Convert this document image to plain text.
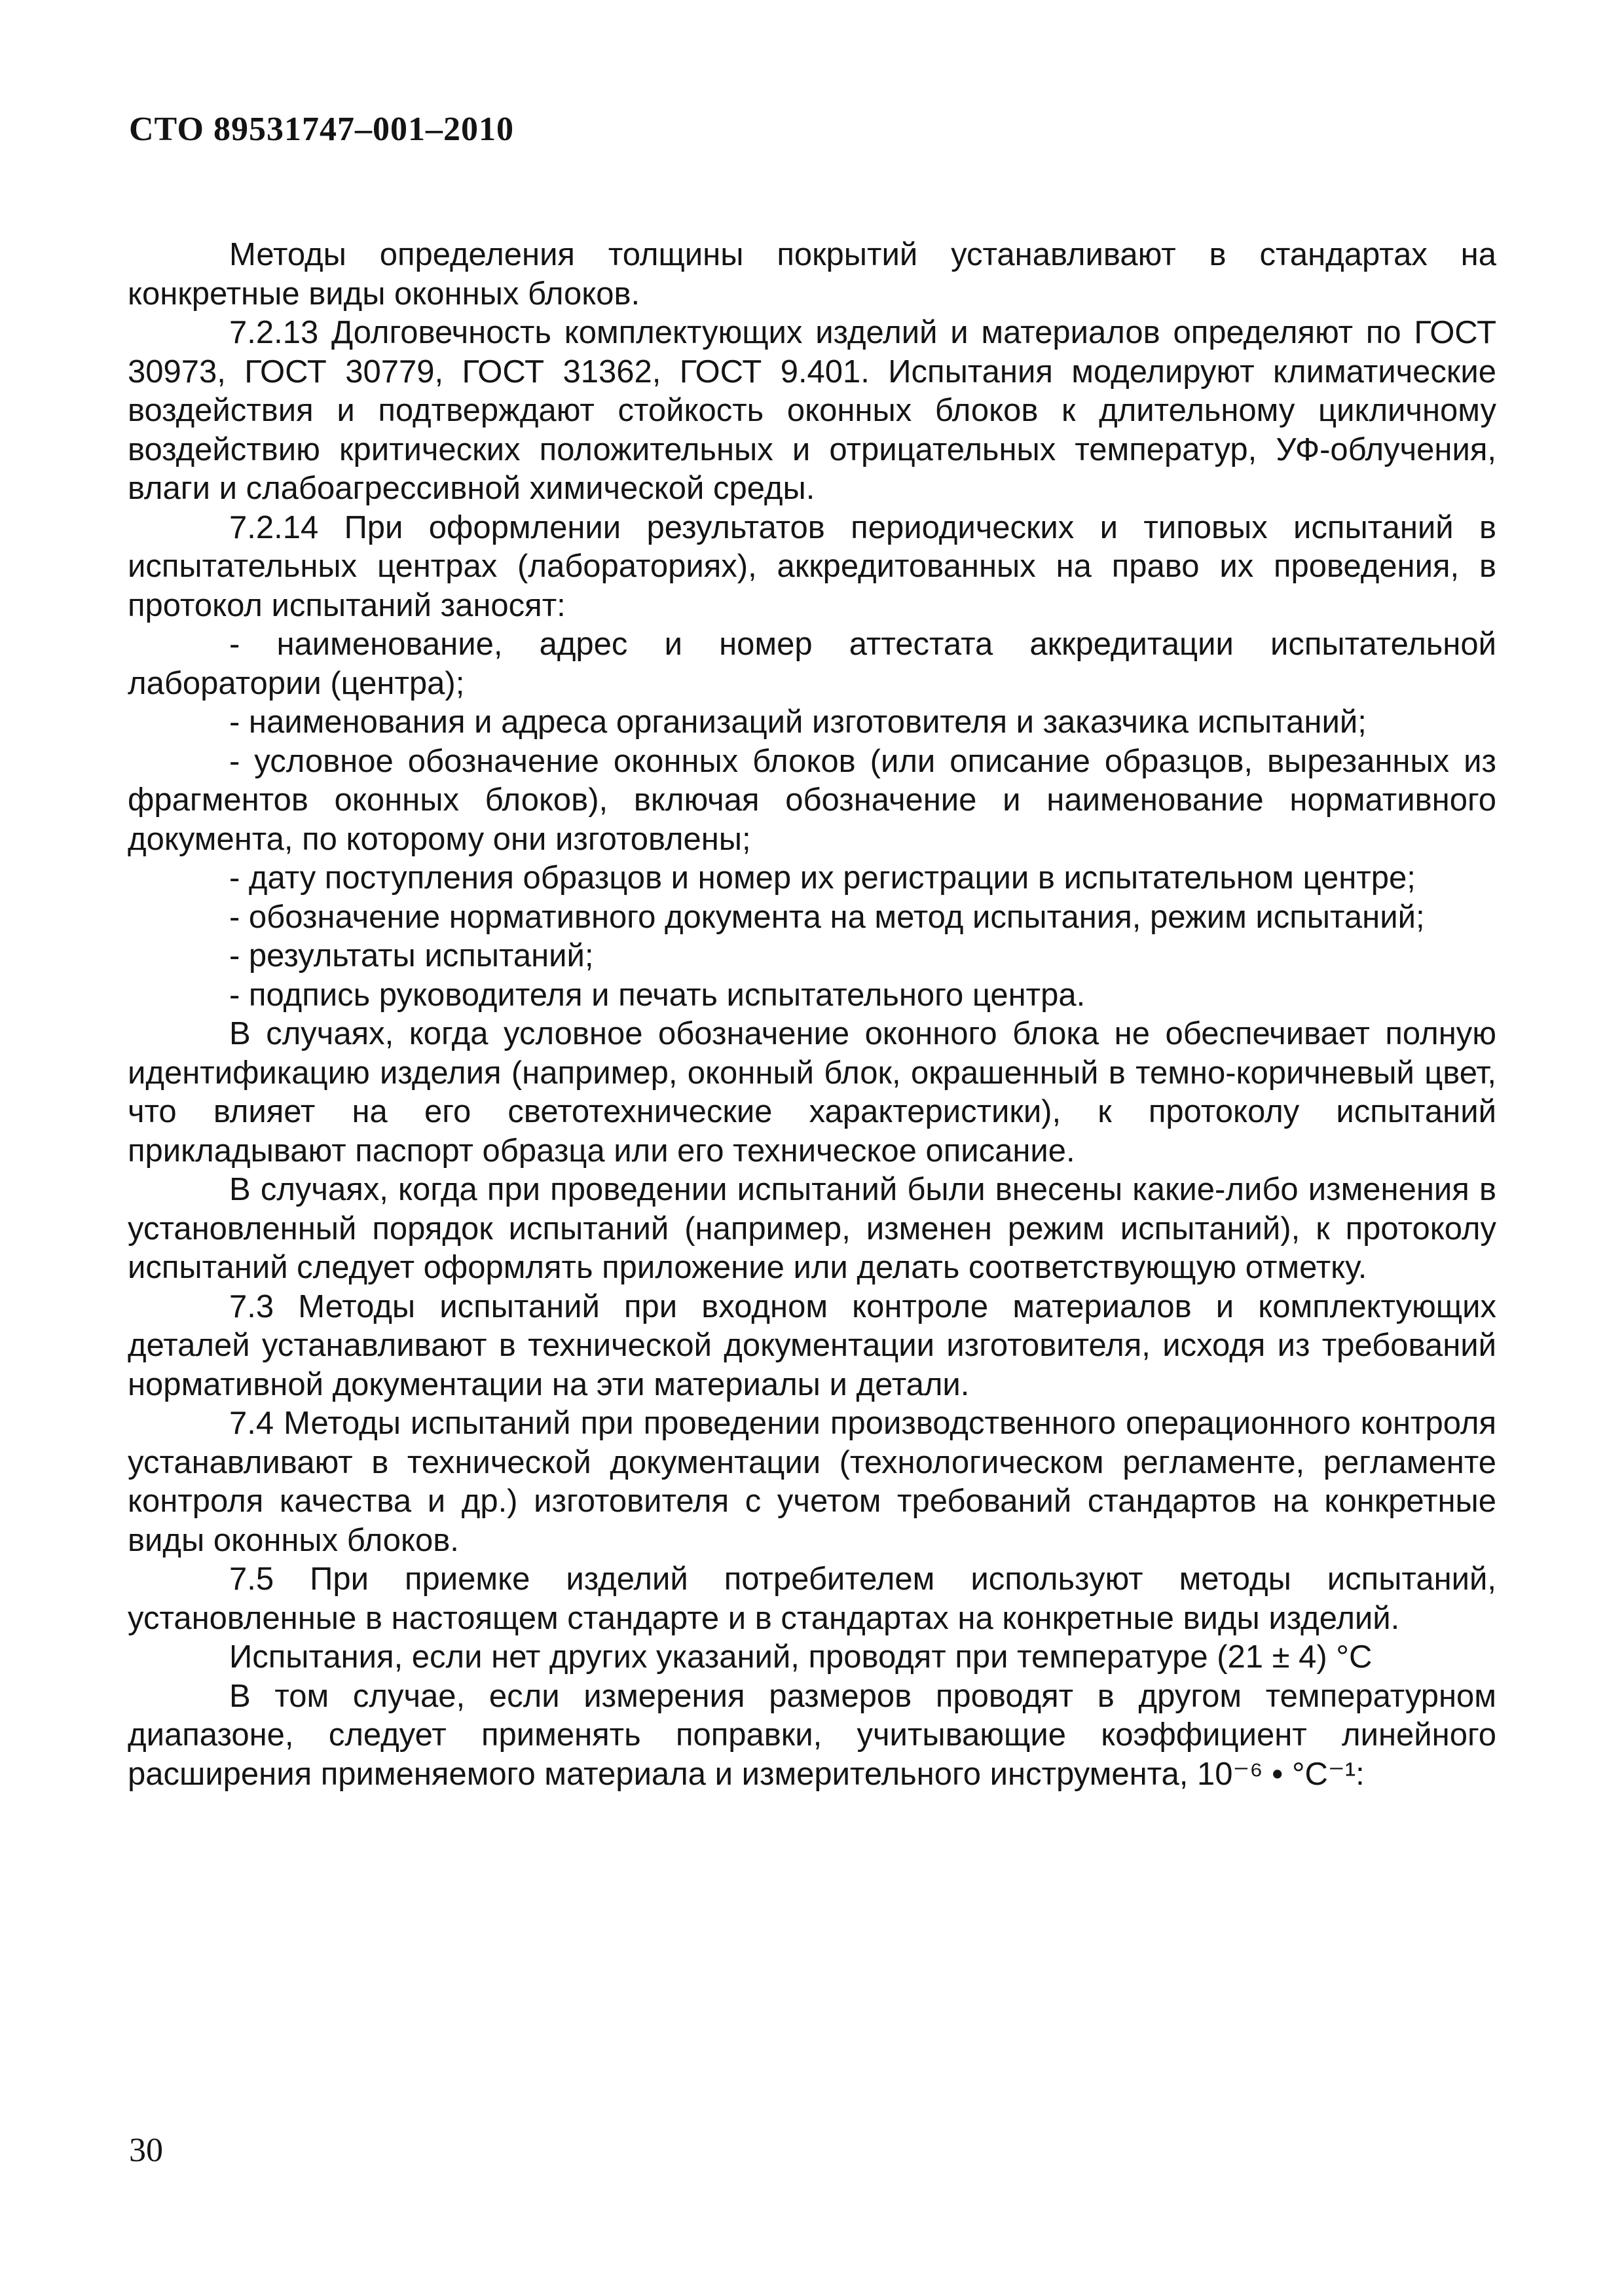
СТО 89531747–001–2010

Методы определения толщины покрытий устанавливают в стандартах на конкретные виды оконных блоков.

7.2.13 Долговечность комплектующих изделий и материалов определяют по ГОСТ 30973, ГОСТ 30779, ГОСТ 31362, ГОСТ 9.401. Испытания моделируют климатические воздействия и подтверждают стойкость оконных блоков к длительному цикличному воздействию критических положительных и отрицательных температур, УФ-облучения, влаги и слабоагрессивной химической среды.

7.2.14 При оформлении результатов периодических и типовых испытаний в испытательных центрах (лабораториях), аккредитованных на право их проведения, в протокол испытаний заносят:

- наименование, адрес и номер аттестата аккредитации испытательной лаборатории (центра);

- наименования и адреса организаций изготовителя и заказчика испытаний;

- условное обозначение оконных блоков (или описание образцов, вырезанных из фрагментов оконных блоков), включая обозначение и наименование нормативного документа, по которому они изготовлены;

- дату поступления образцов и номер их регистрации в испытательном центре;

- обозначение нормативного документа на метод испытания, режим испытаний;

- результаты испытаний;

- подпись руководителя и печать испытательного центра.

В случаях, когда условное обозначение оконного блока не обеспечивает полную идентификацию изделия (например, оконный блок, окрашенный в темно-коричневый цвет, что влияет на его светотехнические характеристики), к протоколу испытаний прикладывают паспорт образца или его техническое описание.

В случаях, когда при проведении испытаний были внесены какие-либо изменения в установленный порядок испытаний (например, изменен режим испытаний), к протоколу испытаний следует оформлять приложение или делать соответствующую отметку.

7.3 Методы испытаний при входном контроле материалов и комплектующих деталей устанавливают в технической документации изготовителя, исходя из требований нормативной документации на эти материалы и детали.

7.4 Методы испытаний при проведении производственного операционного контроля устанавливают в технической документации (технологическом регламенте, регламенте контроля качества и др.) изготовителя с учетом требований стандартов на конкретные виды оконных блоков.

7.5 При приемке изделий потребителем используют методы испытаний, установленные в настоящем стандарте и в стандартах на конкретные виды изделий.

Испытания, если нет других указаний, проводят при температуре (21 ± 4) °С

В том случае, если измерения размеров проводят в другом температурном диапазоне, следует применять поправки, учитывающие коэффициент линейного расширения применяемого материала и измерительного инструмента, 10⁻⁶ • °С⁻¹:

30
